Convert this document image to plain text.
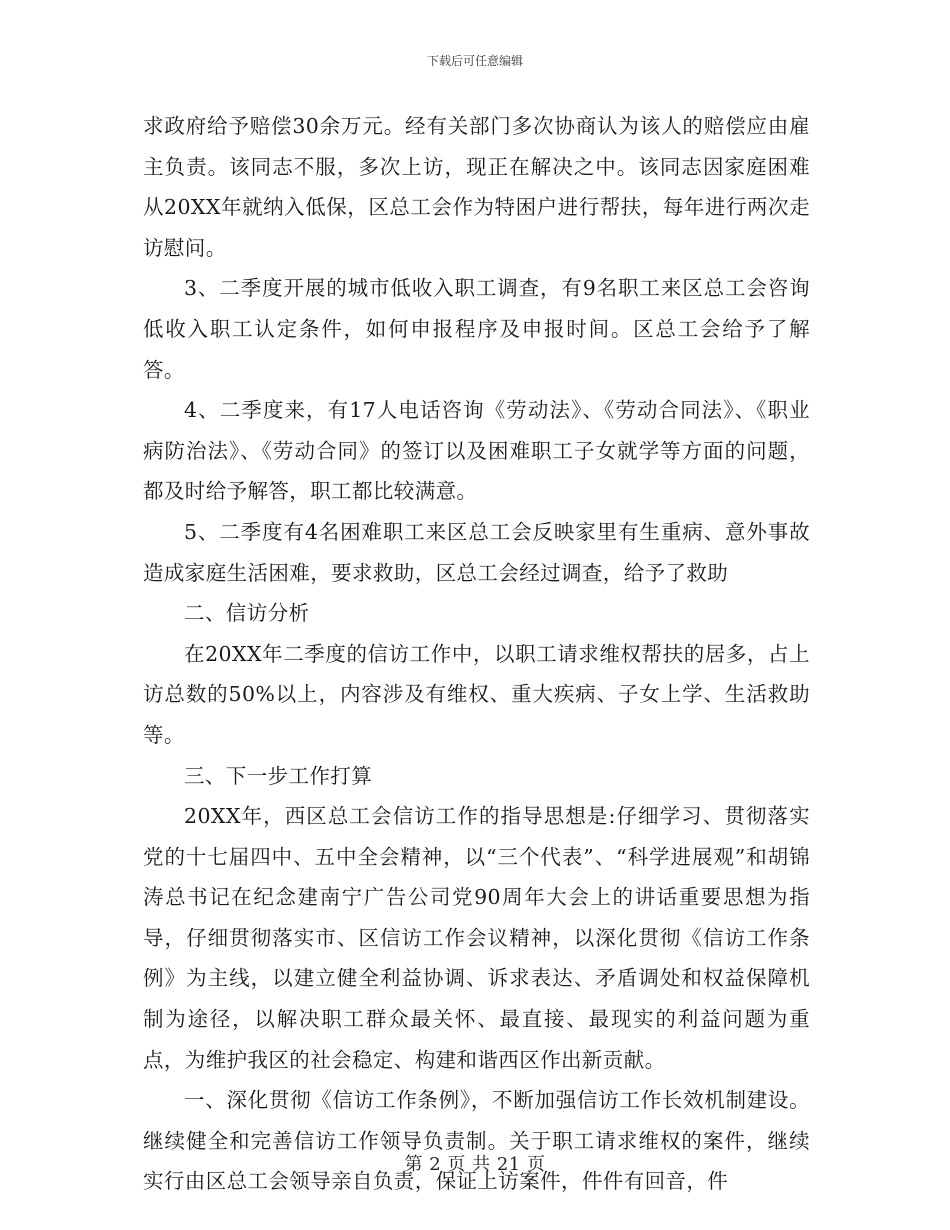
下载后可任意编辑

求政府给予赔偿30余万元。经有关部门多次协商认为该人的赔偿应由雇主负责。该同志不服，多次上访，现正在解决之中。该同志因家庭困难从20XX年就纳入低保，区总工会作为特困户进行帮扶，每年进行两次走访慰问。

3、二季度开展的城市低收入职工调查，有9名职工来区总工会咨询低收入职工认定条件，如何申报程序及申报时间。区总工会给予了解答。

4、二季度来，有17人电话咨询《劳动法》、《劳动合同法》、《职业病防治法》、《劳动合同》的签订以及困难职工子女就学等方面的问题，都及时给予解答，职工都比较满意。

5、二季度有4名困难职工来区总工会反映家里有生重病、意外事故造成家庭生活困难，要求救助，区总工会经过调查，给予了救助

二、信访分析

在20XX年二季度的信访工作中，以职工请求维权帮扶的居多，占上访总数的50%以上，内容涉及有维权、重大疾病、子女上学、生活救助等。

三、下一步工作打算

20XX年，西区总工会信访工作的指导思想是:仔细学习、贯彻落实党的十七届四中、五中全会精神，以“三个代表”、“科学进展观”和胡锦涛总书记在纪念建南宁广告公司党90周年大会上的讲话重要思想为指导，仔细贯彻落实市、区信访工作会议精神，以深化贯彻《信访工作条例》为主线，以建立健全利益协调、诉求表达、矛盾调处和权益保障机制为途径，以解决职工群众最关怀、最直接、最现实的利益问题为重点，为维护我区的社会稳定、构建和谐西区作出新贡献。

一、深化贯彻《信访工作条例》，不断加强信访工作长效机制建设。继续健全和完善信访工作领导负责制。关于职工请求维权的案件，继续实行由区总工会领导亲自负责，保证上访案件，件件有回音，件

第 2 页 共 21 页
